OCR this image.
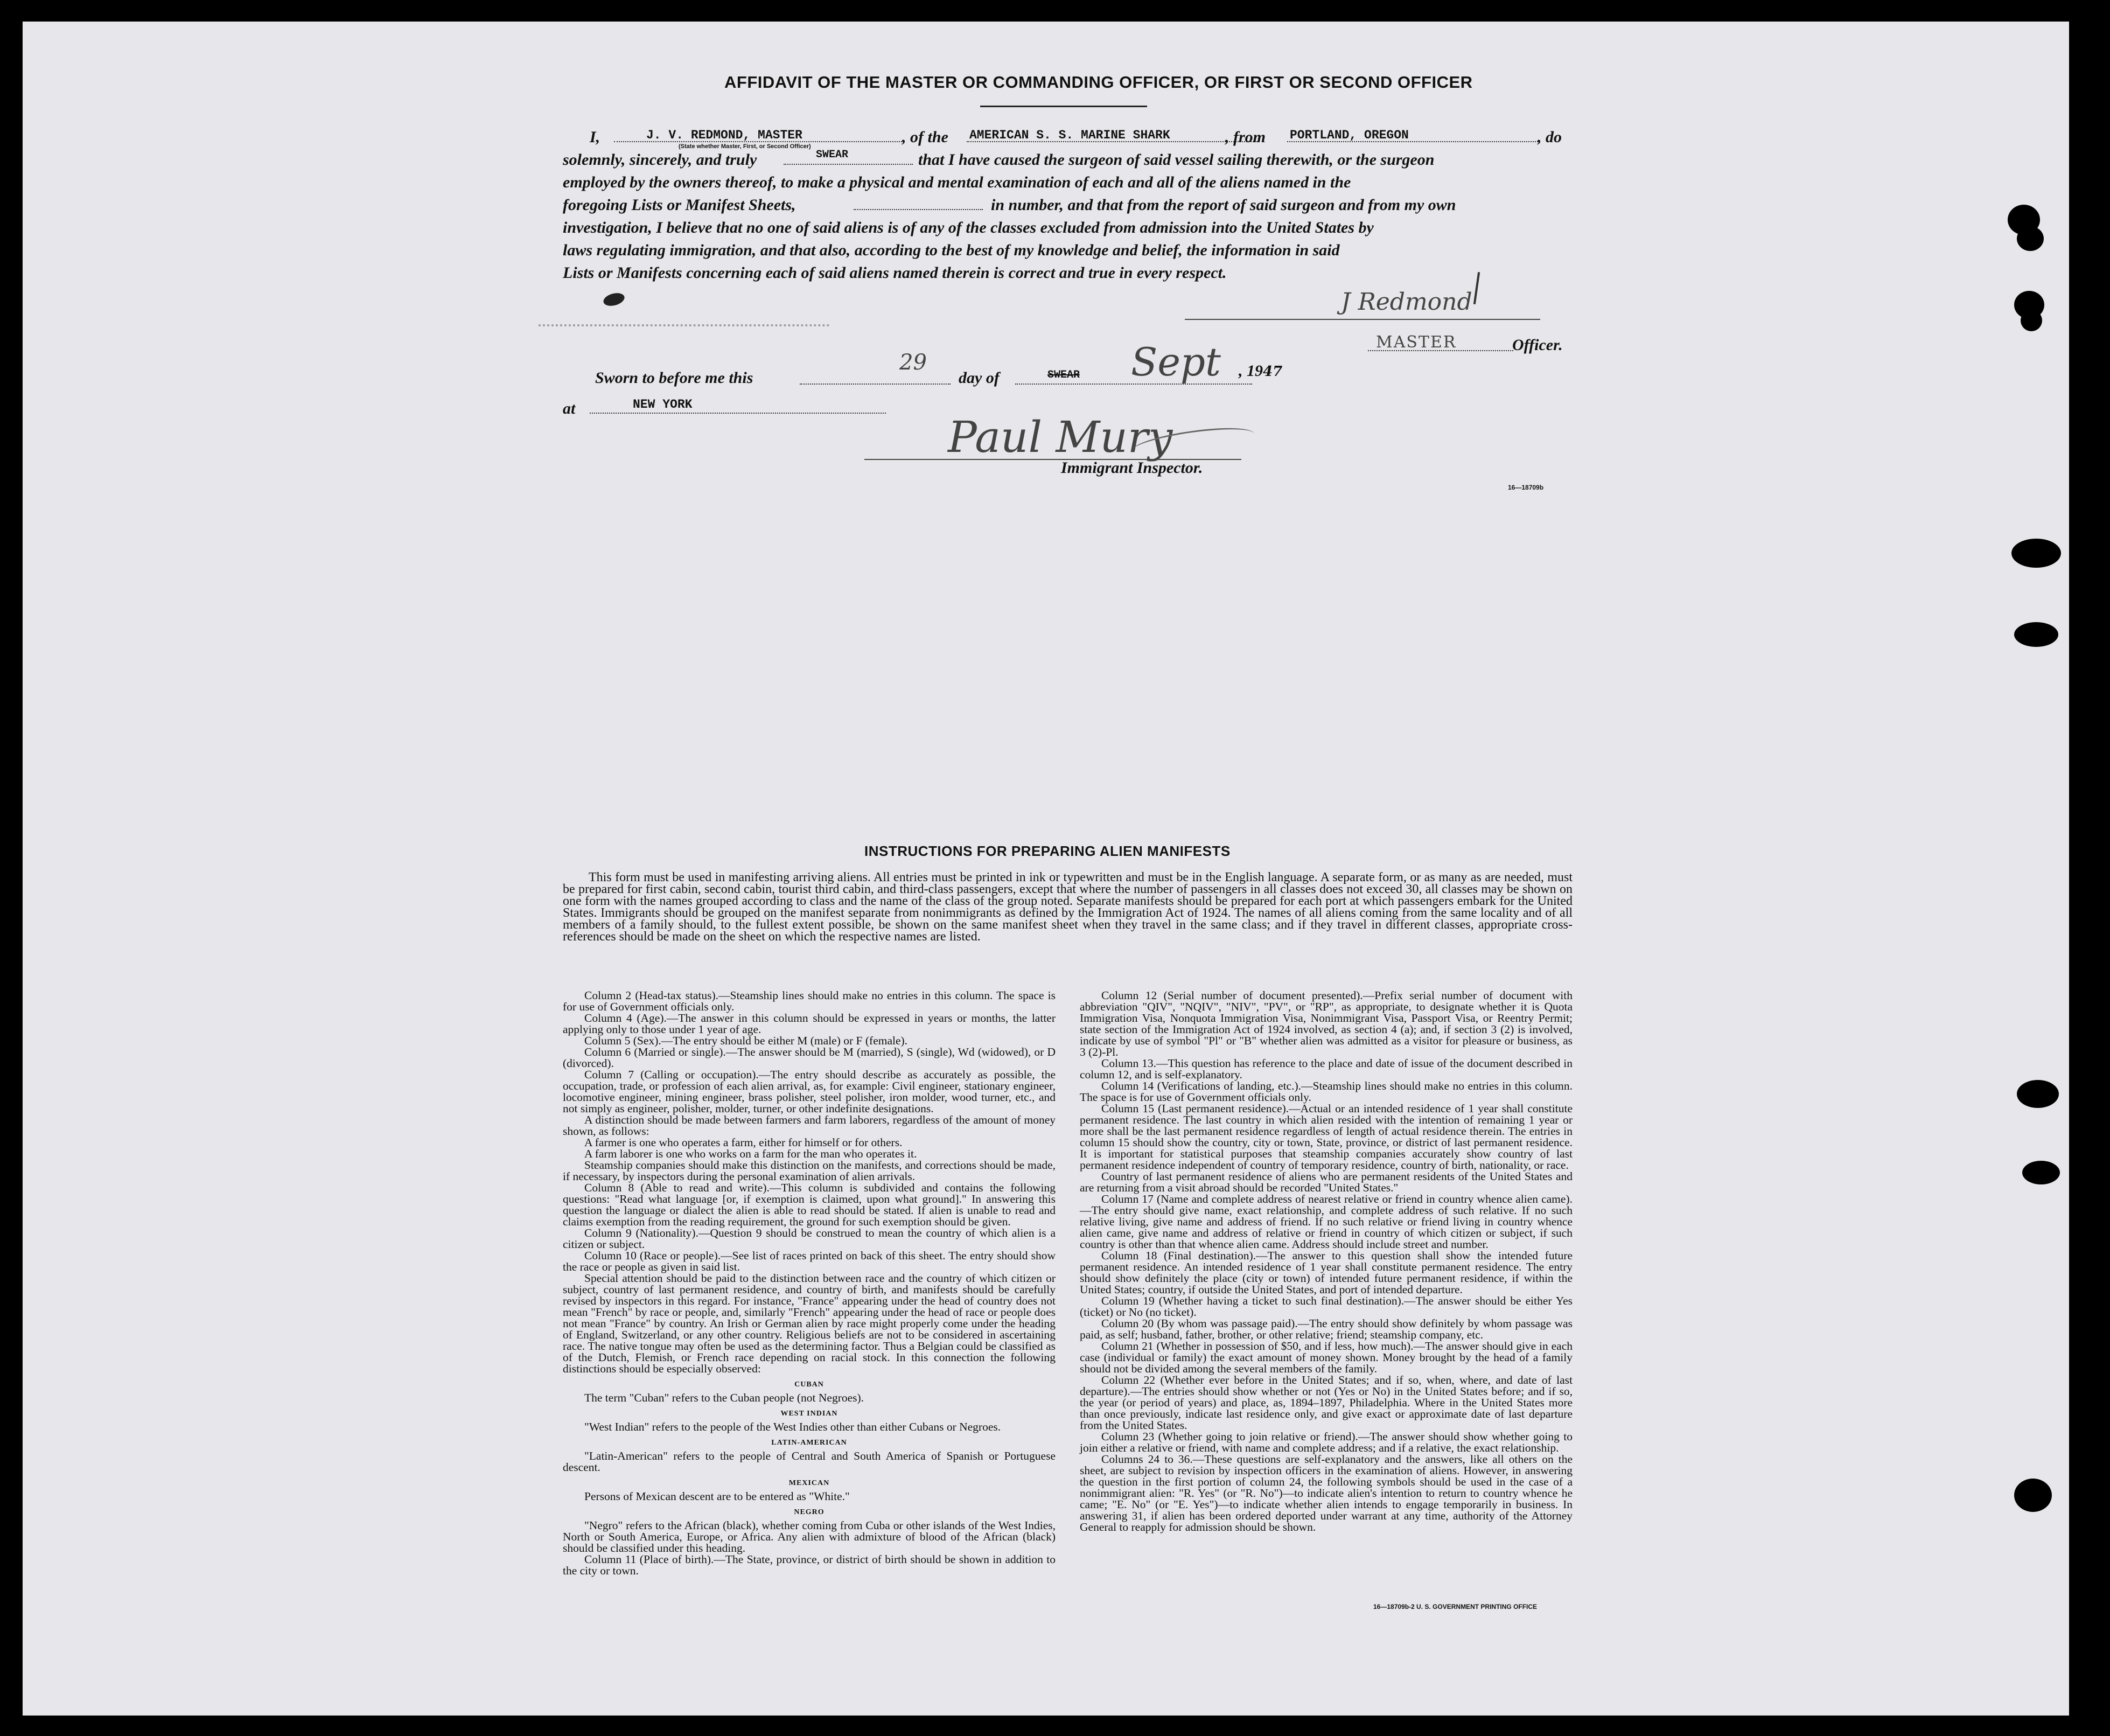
AFFIDAVIT OF THE MASTER OR COMMANDING OFFICER, OR FIRST OR SECOND OFFICER
I,	J. V. REDMOND, MASTER
(State whether Master, First, or Second Officer)
, of the AMERICAN S. S. MARINE SHARK	, from PORTLAND, OREGON	, do
solemnly, sincerely, and truly	SWEAR	that I have caused the surgeon of said vessel sailing therewith, or the surgeon
employed by the owners thereof, to make a physical and mental examination of each and all of the aliens named in the
foregoing Lists or Manifest Sheets,	in number, and that from the report of said surgeon and from my own
investigation, I believe that no one of said aliens is of any of the classes excluded from admission into the United States by
laws regulating immigration, and that also, according to the best of my knowledge and belief, the information in said
Lists or Manifests concerning each of said aliens named therein is correct and true in every respect.
J Redmond
MASTER	Officer.
Sworn to before me this
29
day of	SWEAR Sept , 1947
at	NEW YORK
Paul Mury
Immigrant Inspector.
16—18709b
INSTRUCTIONS FOR PREPARING ALIEN MANIFESTS

This form must be used in manifesting arriving aliens. All entries must be printed in ink or typewritten and must be in the English language. A separate form, or as many as are needed, must be prepared for first cabin, second cabin, tourist third cabin, and third-class passengers, except that where the number of passengers in all classes does not exceed 30, all classes may be shown on one form with the names grouped according to class and the name of the class of the group noted. Separate manifests should be prepared for each port at which passengers embark for the United States. Immigrants should be grouped on the manifest separate from nonimmigrants as defined by the Immigration Act of 1924. The names of all aliens coming from the same locality and of all members of a family should, to the fullest extent possible, be shown on the same manifest sheet when they travel in the same class; and if they travel in different classes, appropriate cross-references should be made on the sheet on which the respective names are listed.

Column 2 (Head-tax status).—Steamship lines should make no entries in this column. The space is for use of Government officials only.

Column 4 (Age).—The answer in this column should be expressed in years or months, the latter applying only to those under 1 year of age.

Column 5 (Sex).—The entry should be either M (male) or F (female).

Column 6 (Married or single).—The answer should be M (married), S (single), Wd (widowed), or D (divorced).

Column 7 (Calling or occupation).—The entry should describe as accurately as possible, the occupation, trade, or profession of each alien arrival, as, for example: Civil engineer, stationary engineer, locomotive engineer, mining engineer, brass polisher, steel polisher, iron molder, wood turner, etc., and not simply as engineer, polisher, molder, turner, or other indefinite designations.

A distinction should be made between farmers and farm laborers, regardless of the amount of money shown, as follows:

A farmer is one who operates a farm, either for himself or for others.

A farm laborer is one who works on a farm for the man who operates it.

Steamship companies should make this distinction on the manifests, and corrections should be made, if necessary, by inspectors during the personal examination of alien arrivals.

Column 8 (Able to read and write).—This column is subdivided and contains the following questions: "Read what language [or, if exemption is claimed, upon what ground]." In answering this question the language or dialect the alien is able to read should be stated. If alien is unable to read and claims exemption from the reading requirement, the ground for such exemption should be given.

Column 9 (Nationality).—Question 9 should be construed to mean the country of which alien is a citizen or subject.

Column 10 (Race or people).—See list of races printed on back of this sheet. The entry should show the race or people as given in said list.

Special attention should be paid to the distinction between race and the country of which citizen or subject, country of last permanent residence, and country of birth, and manifests should be carefully revised by inspectors in this regard. For instance, "France" appearing under the head of country does not mean "French" by race or people, and, similarly "French" appearing under the head of race or people does not mean "France" by country. An Irish or German alien by race might properly come under the heading of England, Switzerland, or any other country. Religious beliefs are not to be considered in ascertaining race. The native tongue may often be used as the determining factor. Thus a Belgian could be classified as of the Dutch, Flemish, or French race depending on racial stock. In this connection the following distinctions should be especially observed:

CUBAN

The term "Cuban" refers to the Cuban people (not Negroes).

WEST INDIAN

"West Indian" refers to the people of the West Indies other than either Cubans or Negroes.

LATIN-AMERICAN

"Latin-American" refers to the people of Central and South America of Spanish or Portuguese descent.

MEXICAN

Persons of Mexican descent are to be entered as "White."

NEGRO

"Negro" refers to the African (black), whether coming from Cuba or other islands of the West Indies, North or South America, Europe, or Africa. Any alien with admixture of blood of the African (black) should be classified under this heading.

Column 11 (Place of birth).—The State, province, or district of birth should be shown in addition to the city or town.

Column 12 (Serial number of document presented).—Prefix serial number of document with abbreviation "QIV", "NQIV", "NIV", "PV", or "RP", as appropriate, to designate whether it is Quota Immigration Visa, Nonquota Immigration Visa, Nonimmigrant Visa, Passport Visa, or Reentry Permit; state section of the Immigration Act of 1924 involved, as section 4 (a); and, if section 3 (2) is involved, indicate by use of symbol "Pl" or "B" whether alien was admitted as a visitor for pleasure or business, as 3 (2)-Pl.

Column 13.—This question has reference to the place and date of issue of the document described in column 12, and is self-explanatory.

Column 14 (Verifications of landing, etc.).—Steamship lines should make no entries in this column. The space is for use of Government officials only.

Column 15 (Last permanent residence).—Actual or an intended residence of 1 year shall constitute permanent residence. The last country in which alien resided with the intention of remaining 1 year or more shall be the last permanent residence regardless of length of actual residence therein. The entries in column 15 should show the country, city or town, State, province, or district of last permanent residence. It is important for statistical purposes that steamship companies accurately show country of last permanent residence independent of country of temporary residence, country of birth, nationality, or race.

Country of last permanent residence of aliens who are permanent residents of the United States and are returning from a visit abroad should be recorded "United States."

Column 17 (Name and complete address of nearest relative or friend in country whence alien came).—The entry should give name, exact relationship, and complete address of such relative. If no such relative living, give name and address of friend. If no such relative or friend living in country whence alien came, give name and address of relative or friend in country of which citizen or subject, if such country is other than that whence alien came. Address should include street and number.

Column 18 (Final destination).—The answer to this question shall show the intended future permanent residence. An intended residence of 1 year shall constitute permanent residence. The entry should show definitely the place (city or town) of intended future permanent residence, if within the United States; country, if outside the United States, and port of intended departure.

Column 19 (Whether having a ticket to such final destination).—The answer should be either Yes (ticket) or No (no ticket).

Column 20 (By whom was passage paid).—The entry should show definitely by whom passage was paid, as self; husband, father, brother, or other relative; friend; steamship company, etc.

Column 21 (Whether in possession of $50, and if less, how much).—The answer should give in each case (individual or family) the exact amount of money shown. Money brought by the head of a family should not be divided among the several members of the family.

Column 22 (Whether ever before in the United States; and if so, when, where, and date of last departure).—The entries should show whether or not (Yes or No) in the United States before; and if so, the year (or period of years) and place, as, 1894–1897, Philadelphia. Where in the United States more than once previously, indicate last residence only, and give exact or approximate date of last departure from the United States.

Column 23 (Whether going to join relative or friend).—The answer should show whether going to join either a relative or friend, with name and complete address; and if a relative, the exact relationship.

Columns 24 to 36.—These questions are self-explanatory and the answers, like all others on the sheet, are subject to revision by inspection officers in the examination of aliens. However, in answering the question in the first portion of column 24, the following symbols should be used in the case of a nonimmigrant alien: "R. Yes" (or "R. No")—to indicate alien's intention to return to country whence he came; "E. No" (or "E. Yes")—to indicate whether alien intends to engage temporarily in business. In answering 31, if alien has been ordered deported under warrant at any time, authority of the Attorney General to reapply for admission should be shown.

16—18709b-2 U. S. GOVERNMENT PRINTING OFFICE
